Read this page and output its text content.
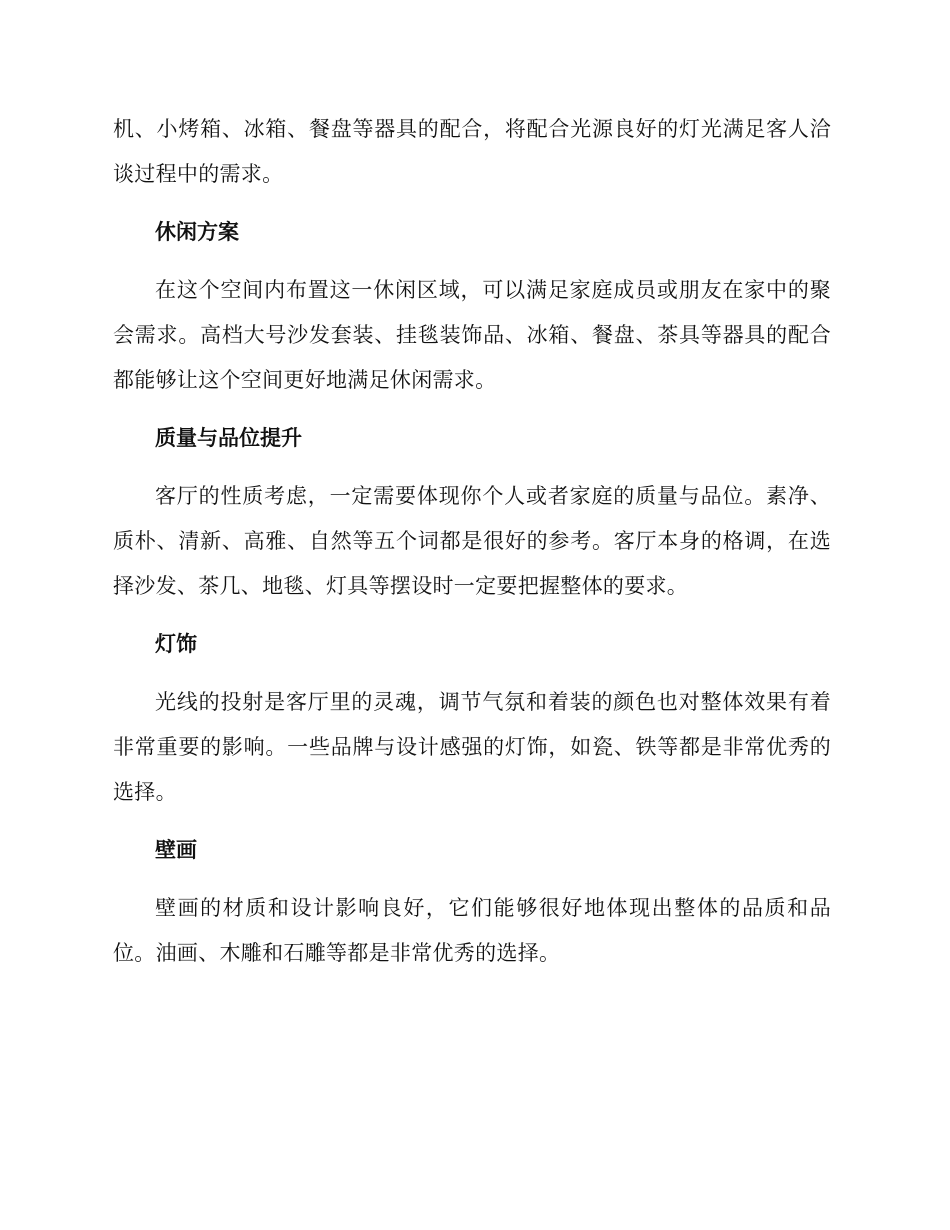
机、小烤箱、冰箱、餐盘等器具的配合，将配合光源良好的灯光满足客人洽谈过程中的需求。

休闲方案

在这个空间内布置这一休闲区域，可以满足家庭成员或朋友在家中的聚会需求。高档大号沙发套装、挂毯装饰品、冰箱、餐盘、茶具等器具的配合都能够让这个空间更好地满足休闲需求。

质量与品位提升

客厅的性质考虑，一定需要体现你个人或者家庭的质量与品位。素净、质朴、清新、高雅、自然等五个词都是很好的参考。客厅本身的格调，在选择沙发、茶几、地毯、灯具等摆设时一定要把握整体的要求。

灯饰

光线的投射是客厅里的灵魂，调节气氛和着装的颜色也对整体效果有着非常重要的影响。一些品牌与设计感强的灯饰，如瓷、铁等都是非常优秀的选择。

壁画

壁画的材质和设计影响良好，它们能够很好地体现出整体的品质和品位。油画、木雕和石雕等都是非常优秀的选择。
